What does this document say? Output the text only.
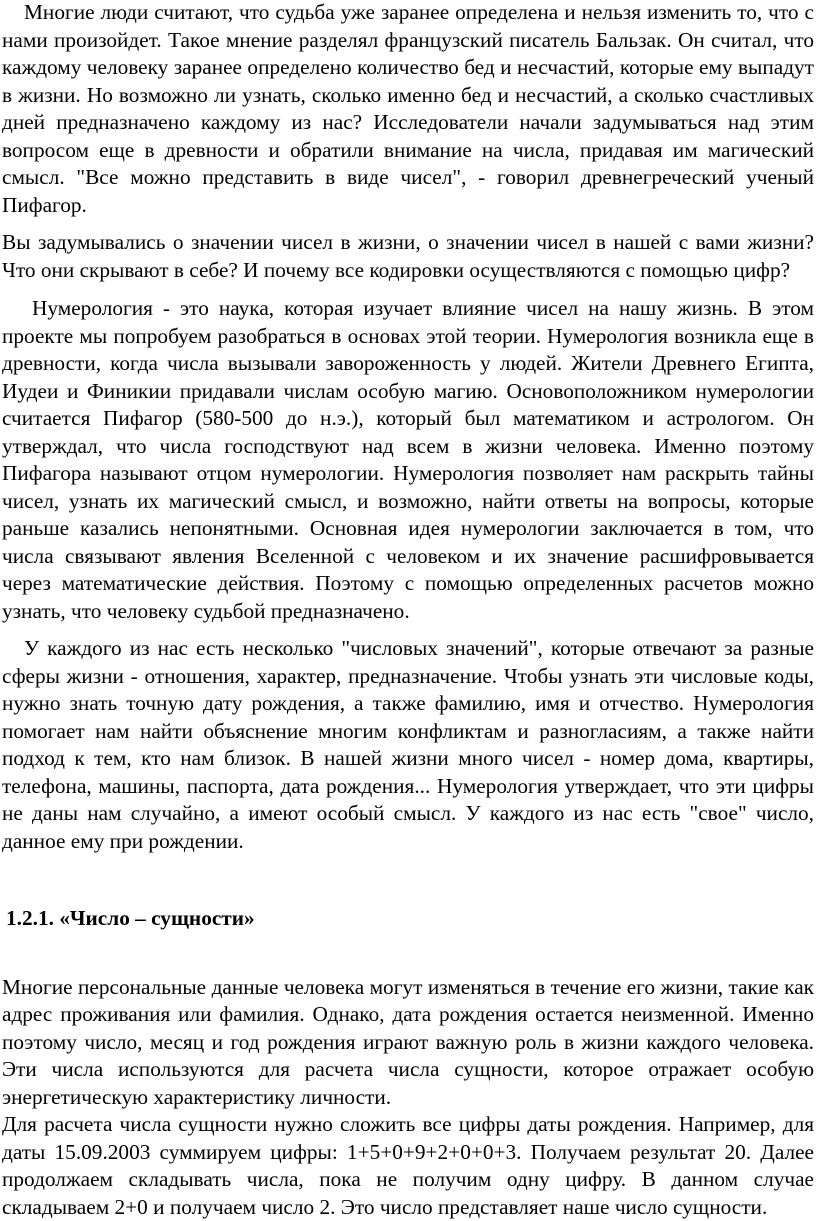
Многие люди считают, что судьба уже заранее определена и нельзя изменить то, что с нами произойдет. Такое мнение разделял французский писатель Бальзак. Он считал, что каждому человеку заранее определено количество бед и несчастий, которые ему выпадут в жизни. Но возможно ли узнать, сколько именно бед и несчастий, а сколько счастливых дней предназначено каждому из нас? Исследователи начали задумываться над этим вопросом еще в древности и обратили внимание на числа, придавая им магический смысл. "Все можно представить в виде чисел", - говорил древнегреческий ученый Пифагор.

Вы задумывались о значении чисел в жизни, о значении чисел в нашей с вами жизни? Что они скрывают в себе? И почему все кодировки осуществляются с помощью цифр?

Нумерология - это наука, которая изучает влияние чисел на нашу жизнь. В этом проекте мы попробуем разобраться в основах этой теории. Нумерология возникла еще в древности, когда числа вызывали завороженность у людей. Жители Древнего Египта, Иудеи и Финикии придавали числам особую магию. Основоположником нумерологии считается Пифагор (580-500 до н.э.), который был математиком и астрологом. Он утверждал, что числа господствуют над всем в жизни человека. Именно поэтому Пифагора называют отцом нумерологии. Нумерология позволяет нам раскрыть тайны чисел, узнать их магический смысл, и возможно, найти ответы на вопросы, которые раньше казались непонятными. Основная идея нумерологии заключается в том, что числа связывают явления Вселенной с человеком и их значение расшифровывается через математические действия. Поэтому с помощью определенных расчетов можно узнать, что человеку судьбой предназначено.

У каждого из нас есть несколько "числовых значений", которые отвечают за разные сферы жизни - отношения, характер, предназначение. Чтобы узнать эти числовые коды, нужно знать точную дату рождения, а также фамилию, имя и отчество. Нумерология помогает нам найти объяснение многим конфликтам и разногласиям, а также найти подход к тем, кто нам близок. В нашей жизни много чисел - номер дома, квартиры, телефона, машины, паспорта, дата рождения... Нумерология утверждает, что эти цифры не даны нам случайно, а имеют особый смысл. У каждого из нас есть "свое" число, данное ему при рождении.

1.2.1. «Число – сущности»

Многие персональные данные человека могут изменяться в течение его жизни, такие как адрес проживания или фамилия. Однако, дата рождения остается неизменной. Именно поэтому число, месяц и год рождения играют важную роль в жизни каждого человека. Эти числа используются для расчета числа сущности, которое отражает особую энергетическую характеристику личности.

Для расчета числа сущности нужно сложить все цифры даты рождения. Например, для даты 15.09.2003 суммируем цифры: 1+5+0+9+2+0+0+3. Получаем результат 20. Далее продолжаем складывать числа, пока не получим одну цифру. В данном случае складываем 2+0 и получаем число 2. Это число представляет наше число сущности.
